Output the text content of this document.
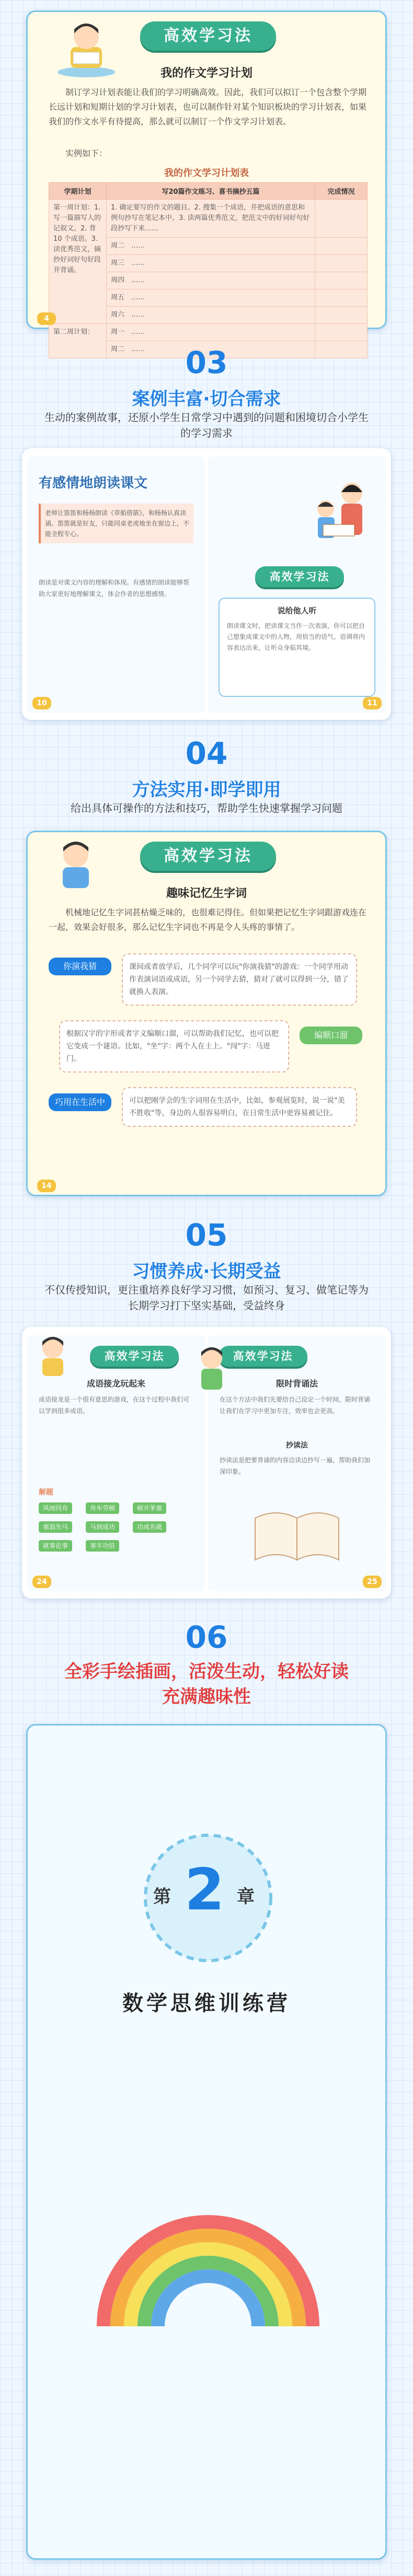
高效学习法
我的作文学习计划
制订学习计划表能让我们的学习明确高效。因此，我们可以拟订一个包含整个学期长远计划和短期计划的学习计划表，也可以制作针对某个知识板块的学习计划表，如果我们的作文水平有待提高，那么就可以制订一个作文学习计划表。
实例如下：
我的作文学习计划表
学期计划	写20篇作文练习、喜书摘抄五篇	完成情况
第一周计划：1. 写一篇描写人的记叙文。2. 背 10 个成语。3. 读优秀范文，摘抄好词好句好段并背诵。	1. 确定要写的作文的题目。2. 搜集一个成语，并把成语的意思和例句抄写在笔记本中。3. 读两篇优秀范文，把范文中的好词好句好段抄写下来……	
	周二　 ……	
	周三　 ……	
	周四　 ……	
	周五　 ……	
	周六　 ……	
第二周计划：	周一　 ……	
	周二　 ……	
4
03
案例丰富·切合需求
生动的案例故事，还原小学生日常学习中遇到的问题和困境切合小学生的学习需求
有感情地朗读课文
老师让笛笛和杨杨朗读《草船借箭》，和杨杨认真读诵。笛笛就是好友，只能同桌老虎地坐在窗边上，不能全程专心。
朗读是对课文内容的理解和体现。有感情的朗读能够帮助大家更好地理解课文，体会作者的思想感情。
10
高效学习法
说给他人听
朗读课文时，把读课文当作一次表演，你可以把自己想象成课文中的人物，用恰当的语气、语调将内容表达出来，让听众身临其境。
11
04
方法实用·即学即用
给出具体可操作的方法和技巧，帮助学生快速掌握学习问题
高效学习法
趣味记忆生字词
机械地记忆生字词甚枯燥乏味的，也很难记得住。但如果把记忆生字词跟游戏连在一起，效果会好很多，那么记忆生字词也不再是令人头疼的事情了。
你演我猜	课间或者放学后，几个同学可以玩"你演我猜"的游戏：一个同学用动作表演词语或成语，另一个同学去猜，猜对了就可以得到一分，错了就换人表演。
根据汉字的字形或者字义编顺口溜，可以帮助我们记忆，也可以把它变成一个谜语。比如，"坐"字：两个人在土上。"闯"字：马进门。
编顺口溜
巧用在生活中	可以把刚学会的生字词用在生活中，比如，参观展览时，说一说"美不胜收"等，身边的人很容易明白，在日常生活中更容易被记住。
14
05
习惯养成·长期受益
不仅传授知识，更注重培养良好学习习惯，如预习、复习、做笔记等为长期学习打下坚实基础，受益终身
高效学习法
成语接龙玩起来
成语接龙是一个很有意思的游戏，在这个过程中我们可以学到很多成语。
解题
风雨同舟	舟车劳顿	顿开茅塞
塞翁失马	马到成功	功成名就
就事论事	事半功倍
24
高效学习法
限时背诵法
在这个方法中我们先要给自己设定一个时间，限时背诵让我们在学习中更加专注，效率也会更高。
抄读法
抄读法是把要背诵的内容边读边抄写一遍，帮助我们加深印象。
25
06
全彩手绘插画，活泼生动，轻松好读充满趣味性
第 2 章
数学思维训练营
